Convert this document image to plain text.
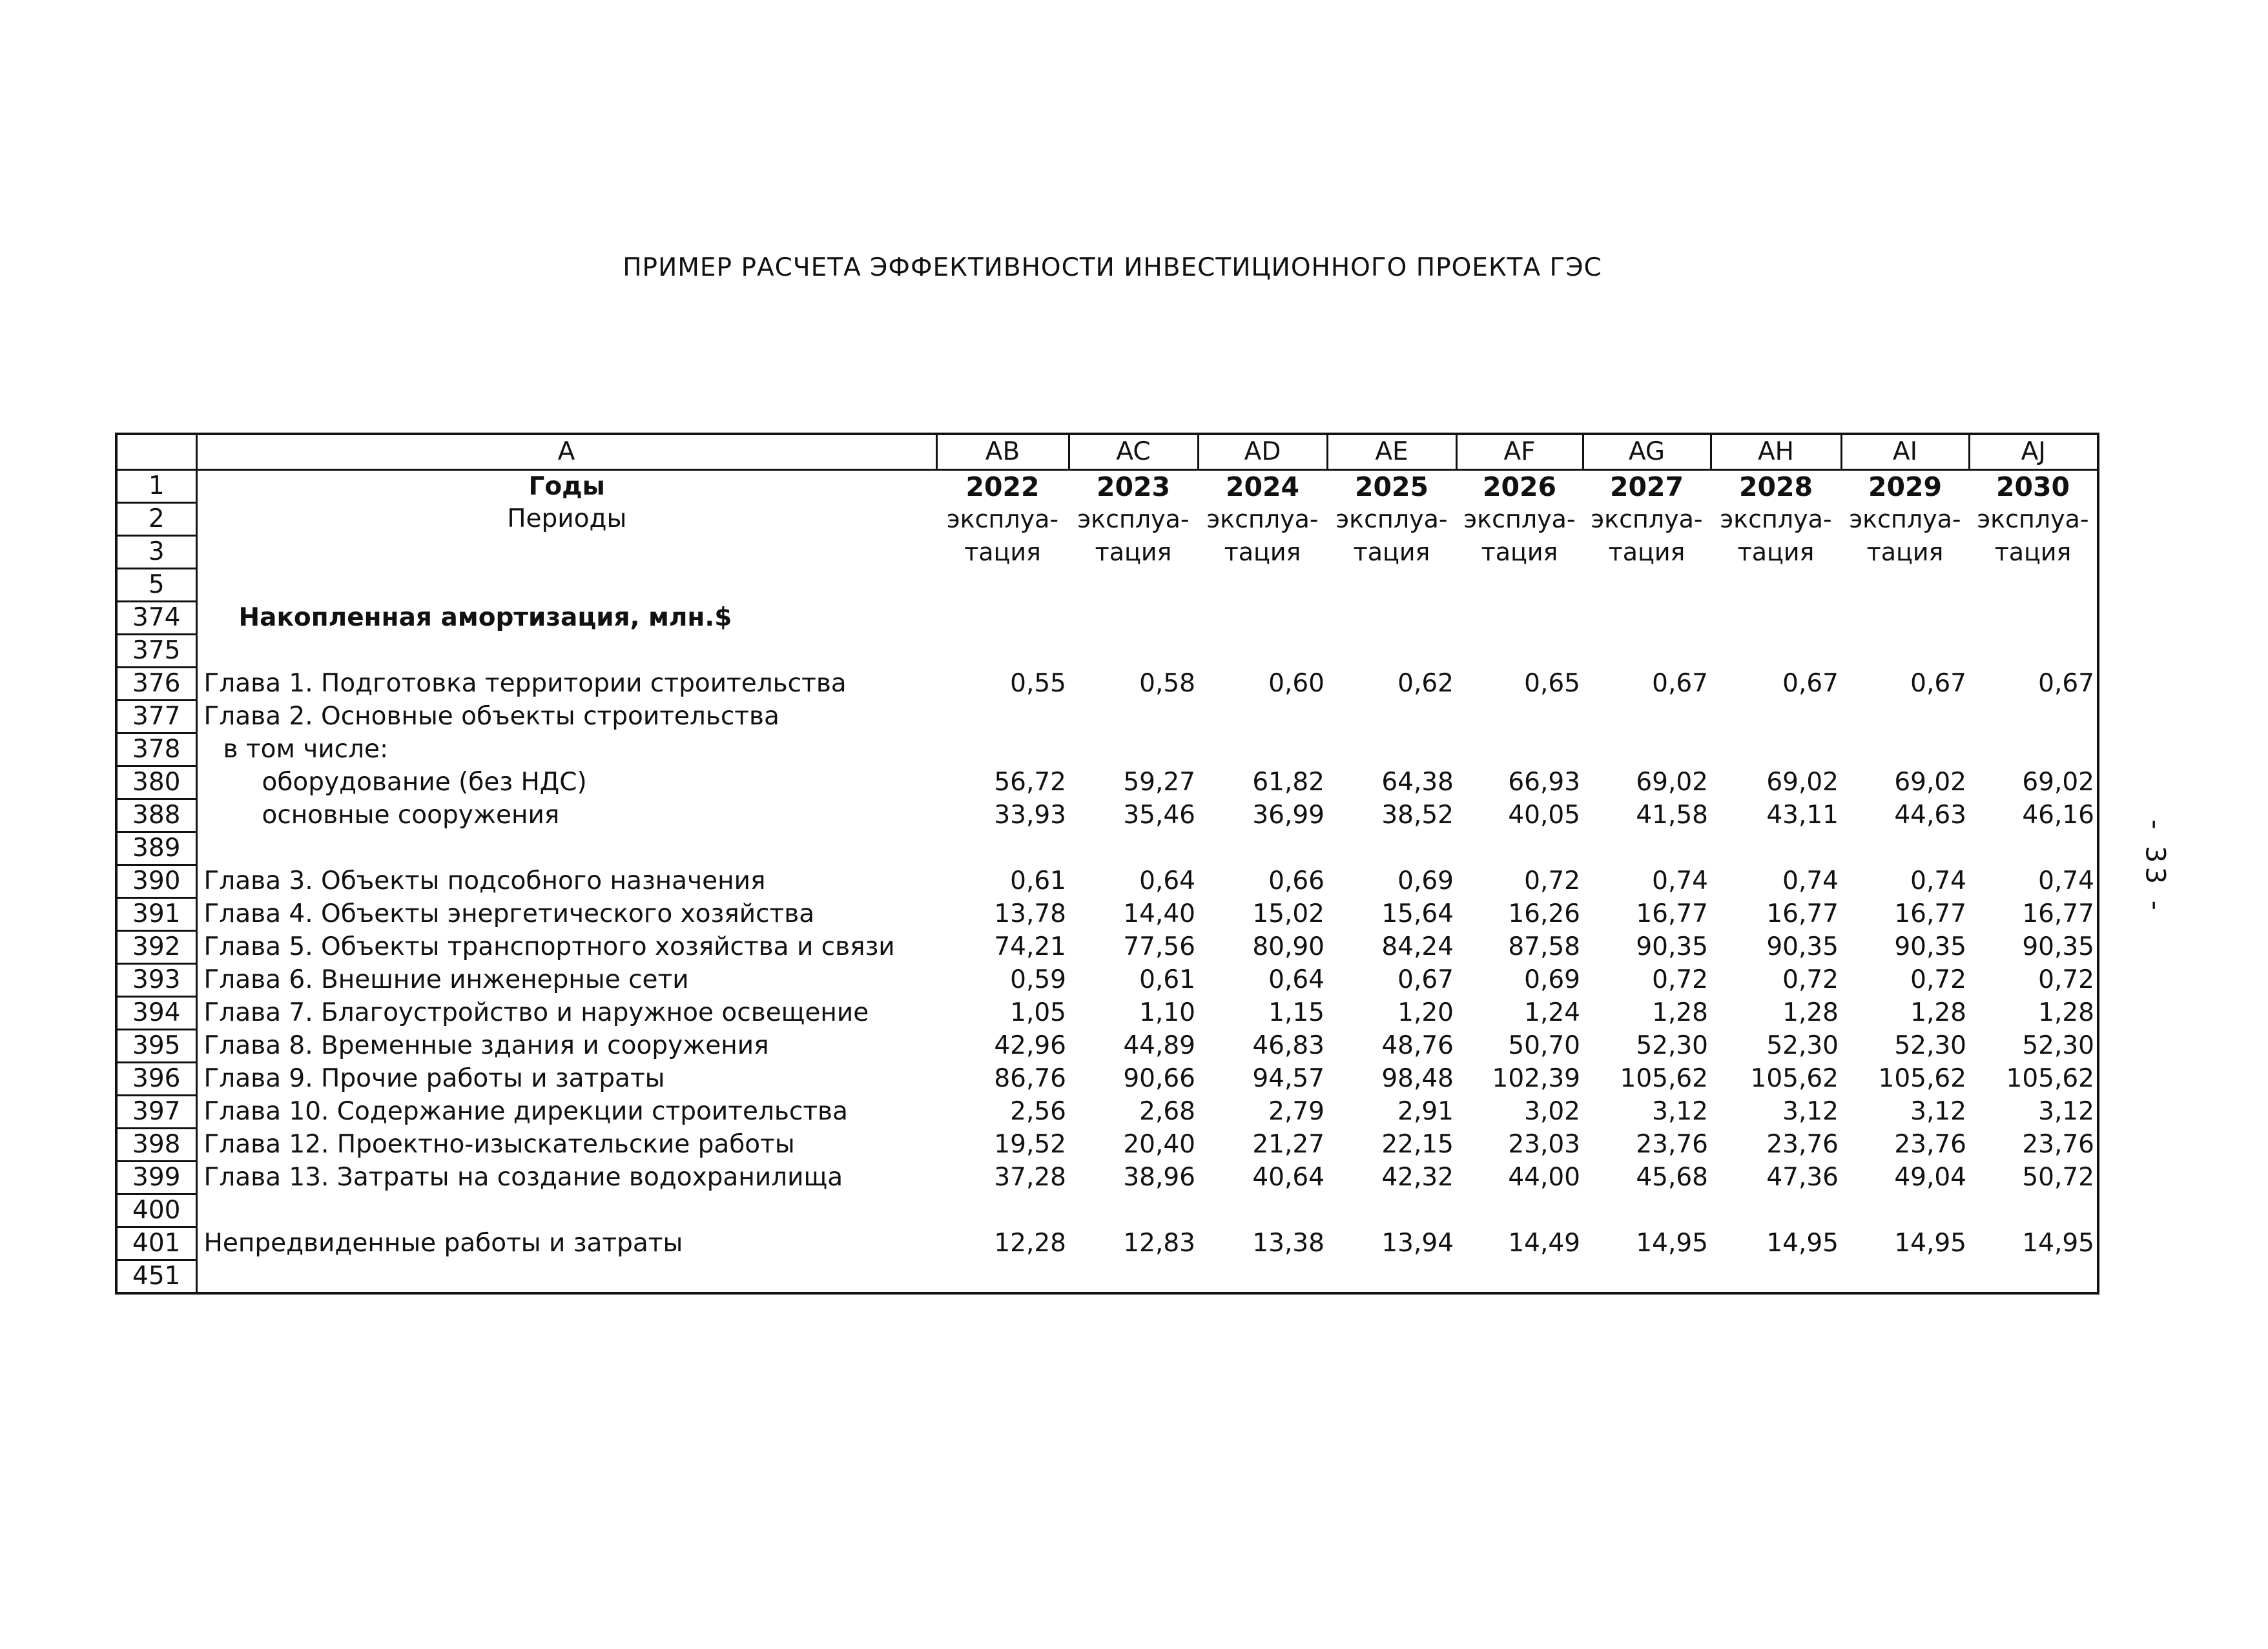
ПРИМЕР РАСЧЕТА ЭФФЕКТИВНОСТИ ИНВЕСТИЦИОННОГО ПРОЕКТА ГЭС
- 33 -
	A	AB	AC	AD	AE	AF	AG	AH	AI	AJ
1	Годы	2022	2023	2024	2025	2026	2027	2028	2029	2030
2	Периоды	эксплуа-	эксплуа-	эксплуа-	эксплуа-	эксплуа-	эксплуа-	эксплуа-	эксплуа-	эксплуа-
3		тация	тация	тация	тация	тация	тация	тация	тация	тация
5										
374	Накопленная амортизация, млн.$									
375										
376	Глава 1. Подготовка территории строительства	0,55	0,58	0,60	0,62	0,65	0,67	0,67	0,67	0,67
377	Глава 2. Основные объекты строительства									
378	в том числе:									
380	оборудование (без НДС)	56,72	59,27	61,82	64,38	66,93	69,02	69,02	69,02	69,02
388	основные сооружения	33,93	35,46	36,99	38,52	40,05	41,58	43,11	44,63	46,16
389										
390	Глава 3. Объекты подсобного назначения	0,61	0,64	0,66	0,69	0,72	0,74	0,74	0,74	0,74
391	Глава 4. Объекты энергетического хозяйства	13,78	14,40	15,02	15,64	16,26	16,77	16,77	16,77	16,77
392	Глава 5. Объекты транспортного хозяйства и связи	74,21	77,56	80,90	84,24	87,58	90,35	90,35	90,35	90,35
393	Глава 6. Внешние инженерные сети	0,59	0,61	0,64	0,67	0,69	0,72	0,72	0,72	0,72
394	Глава 7. Благоустройство и наружное освещение	1,05	1,10	1,15	1,20	1,24	1,28	1,28	1,28	1,28
395	Глава 8. Временные здания и сооружения	42,96	44,89	46,83	48,76	50,70	52,30	52,30	52,30	52,30
396	Глава 9. Прочие работы и затраты	86,76	90,66	94,57	98,48	102,39	105,62	105,62	105,62	105,62
397	Глава 10. Содержание дирекции строительства	2,56	2,68	2,79	2,91	3,02	3,12	3,12	3,12	3,12
398	Глава 12. Проектно-изыскательские работы	19,52	20,40	21,27	22,15	23,03	23,76	23,76	23,76	23,76
399	Глава 13. Затраты на создание водохранилища	37,28	38,96	40,64	42,32	44,00	45,68	47,36	49,04	50,72
400										
401	Непредвиденные работы и затраты	12,28	12,83	13,38	13,94	14,49	14,95	14,95	14,95	14,95
451										
